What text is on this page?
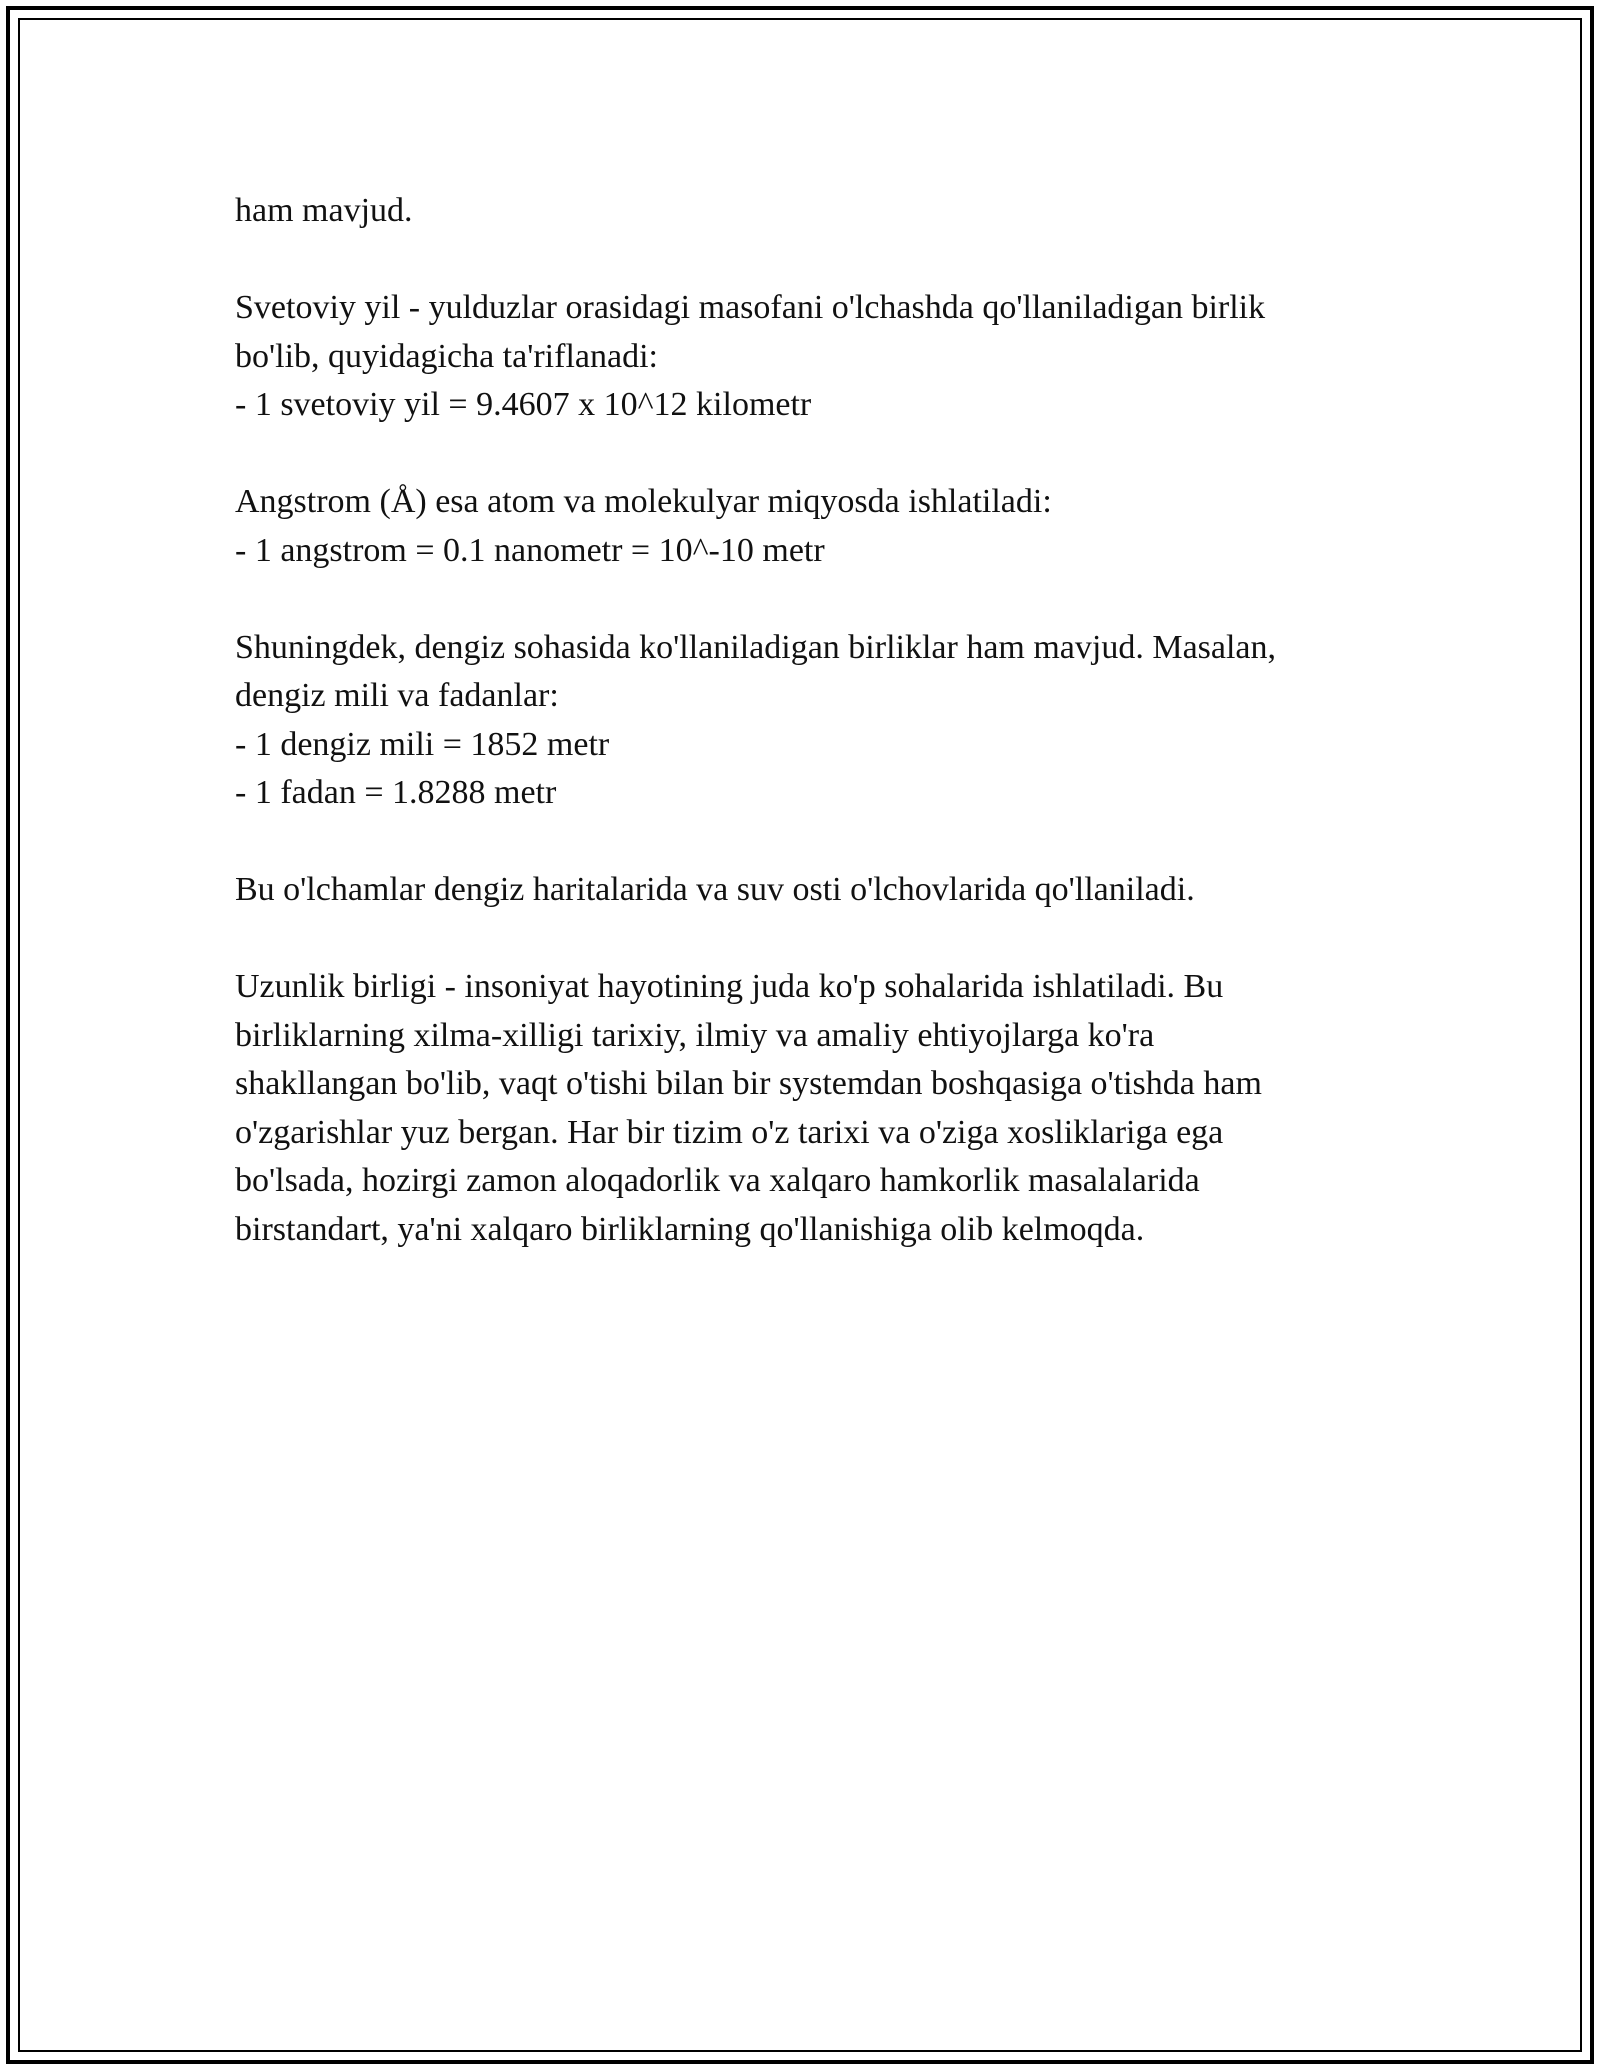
ham mavjud.

Svetoviy yil - yulduzlar orasidagi masofani o'lchashda qo'llaniladigan birlik
bo'lib, quyidagicha ta'riflanadi:
- 1 svetoviy yil = 9.4607 x 10^12 kilometr

Angstrom (Å) esa atom va molekulyar miqyosda ishlatiladi:
- 1 angstrom = 0.1 nanometr = 10^-10 metr

Shuningdek, dengiz sohasida ko'llaniladigan birliklar ham mavjud. Masalan,
dengiz mili va fadanlar:
- 1 dengiz mili = 1852 metr
- 1 fadan = 1.8288 metr

Bu o'lchamlar dengiz haritalarida va suv osti o'lchovlarida qo'llaniladi.

Uzunlik birligi - insoniyat hayotining juda ko'p sohalarida ishlatiladi. Bu
birliklarning xilma-xilligi tarixiy, ilmiy va amaliy ehtiyojlarga ko'ra
shakllangan bo'lib, vaqt o'tishi bilan bir systemdan boshqasiga o'tishda ham
o'zgarishlar yuz bergan. Har bir tizim o'z tarixi va o'ziga xosliklariga ega
bo'lsada, hozirgi zamon aloqadorlik va xalqaro hamkorlik masalalarida
birstandart, ya'ni xalqaro birliklarning qo'llanishiga olib kelmoqda.
